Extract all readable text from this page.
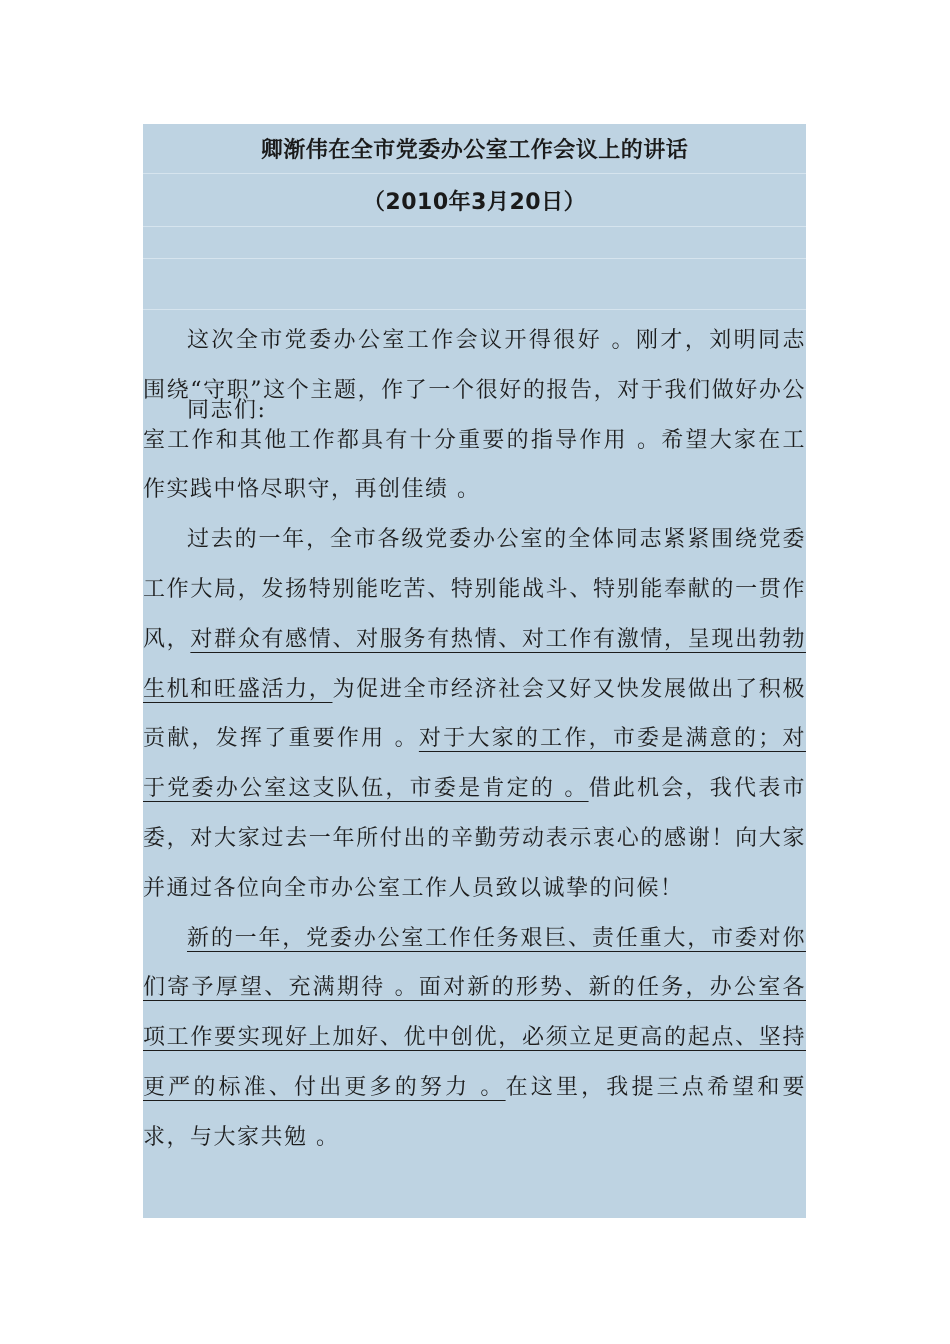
卿渐伟在全市党委办公室工作会议上的讲话
（2010年3月20日）

同志们:

这次全市党委办公室工作会议开得很好 。刚才，刘明同志围绕“守职”这个主题，作了一个很好的报告，对于我们做好办公室工作和其他工作都具有十分重要的指导作用 。希望大家在工作实践中恪尽职守，再创佳绩 。

过去的一年，全市各级党委办公室的全体同志紧紧围绕党委工作大局，发扬特别能吃苦、特别能战斗、特别能奉献的一贯作风，对群众有感情、对服务有热情、对工作有激情，呈现出勃勃生机和旺盛活力，为促进全市经济社会又好又快发展做出了积极贡献，发挥了重要作用 。对于大家的工作，市委是满意的；对于党委办公室这支队伍，市委是肯定的 。借此机会，我代表市委，对大家过去一年所付出的辛勤劳动表示衷心的感谢！向大家并通过各位向全市办公室工作人员致以诚挚的问候！

新的一年，党委办公室工作任务艰巨、责任重大，市委对你们寄予厚望、充满期待 。面对新的形势、新的任务，办公室各项工作要实现好上加好、优中创优，必须立足更高的起点、坚持更严的标准、付出更多的努力 。在这里，我提三点希望和要求，与大家共勉 。
